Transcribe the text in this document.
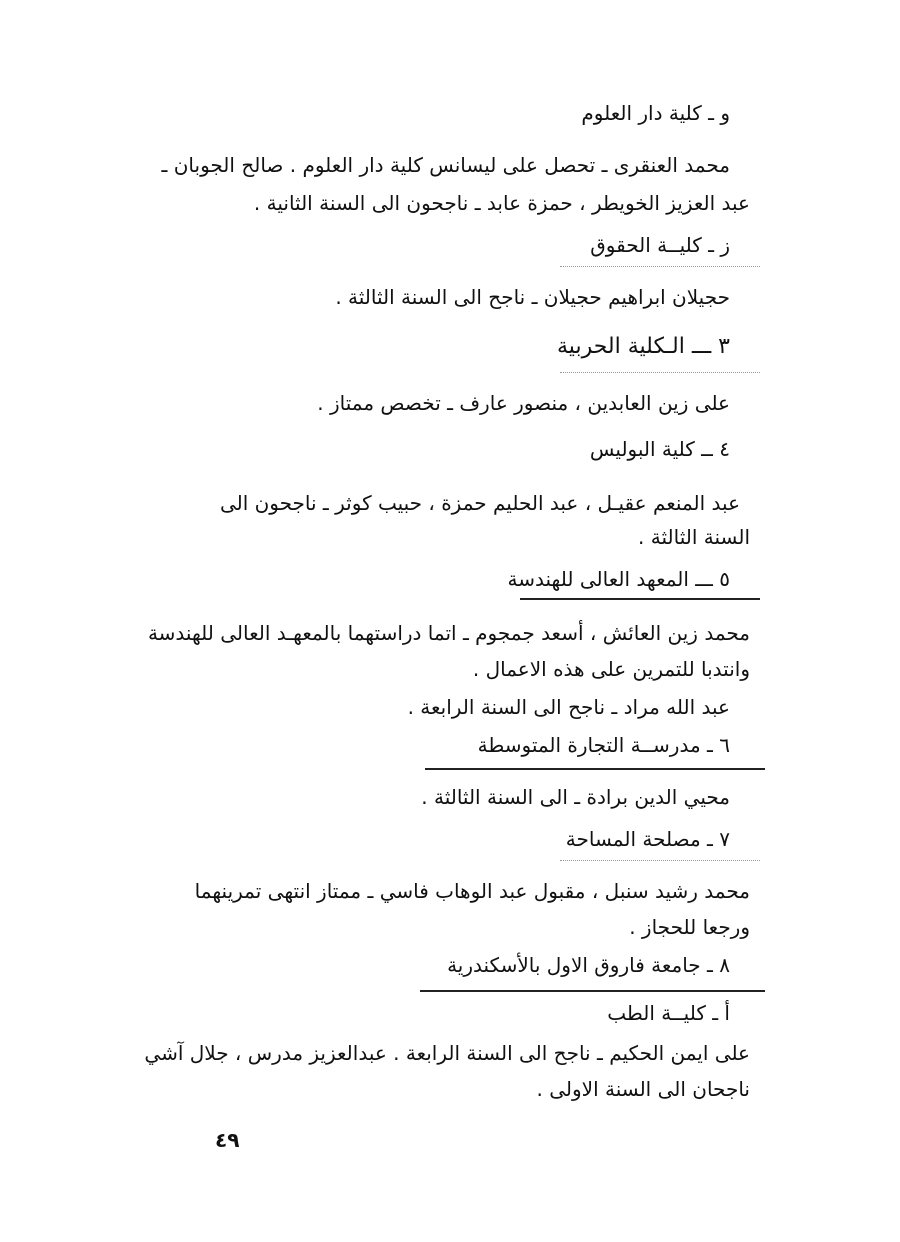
و ـ كلية دار العلوم
محمد العنقرى ـ تحصل على ليسانس كلية دار العلوم . صالح الجوبان ـ
عبد العزيز الخويطر ، حمزة عابد ـ ناجحون الى السنة الثانية .
ز ـ كليــة الحقوق
حجيلان ابراهيم حجيلان ـ ناجح الى السنة الثالثة .
٣ ـــ الـكلية الحربية
على زين العابدين ، منصور عارف ـ تخصص ممتاز .
٤ ــ كلية البوليس
عبد المنعم عقيـل ، عبد الحليم حمزة ، حبيب كوثر ـ ناجحون الى
السنة الثالثة .
٥ ـــ المعهد العالى للهندسة
محمد زين العائش ، أسعد جمجوم ـ اتما دراستهما بالمعهـد العالى للهندسة
وانتدبا للتمرين على هذه الاعمال .
عبد الله مراد ـ ناجح الى السنة الرابعة .
٦ ـ مدرســة التجارة المتوسطة
محيي الدين برادة ـ الى السنة الثالثة .
٧ ـ مصلحة المساحة
محمد رشيد سنبل ، مقبول عبد الوهاب فاسي ـ ممتاز انتهى تمرينهما
ورجعا للحجاز .
٨ ـ جامعة فاروق الاول بالأسكندرية
أ ـ كليــة الطب
على ايمن الحكيم ـ ناجح الى السنة الرابعة . عبدالعزيز مدرس ، جلال آشي
ناجحان الى السنة الاولى .
٤٩
